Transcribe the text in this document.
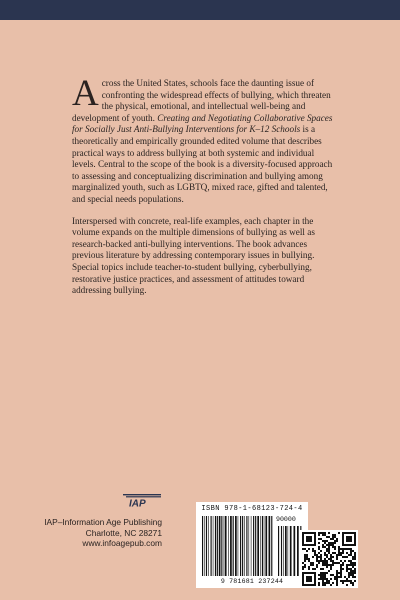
Across the United States, schools face the daunting issue of confronting the widespread effects of bullying, which threaten the physical, emotional, and intellectual well-being and development of youth. Creating and Negotiating Collaborative Spaces for Socially Just Anti-Bullying Interventions for K–12 Schools is a theoretically and empirically grounded edited volume that describes practical ways to address bullying at both systemic and individual levels. Central to the scope of the book is a diversity-focused approach to assessing and conceptualizing discrimination and bullying among marginalized youth, such as LGBTQ, mixed race, gifted and talented, and special needs populations.

Interspersed with concrete, real-life examples, each chapter in the volume expands on the multiple dimensions of bullying as well as research-backed anti-bullying interventions. The book advances previous literature by addressing contemporary issues in bullying. Special topics include teacher-to-student bullying, cyberbullying, restorative justice practices, and assessment of attitudes toward addressing bullying.

IAP
IAP–Information Age Publishing
Charlotte, NC 28271
www.infoagepub.com
ISBN 978-1-68123-724-4
90000
9 781681 237244
